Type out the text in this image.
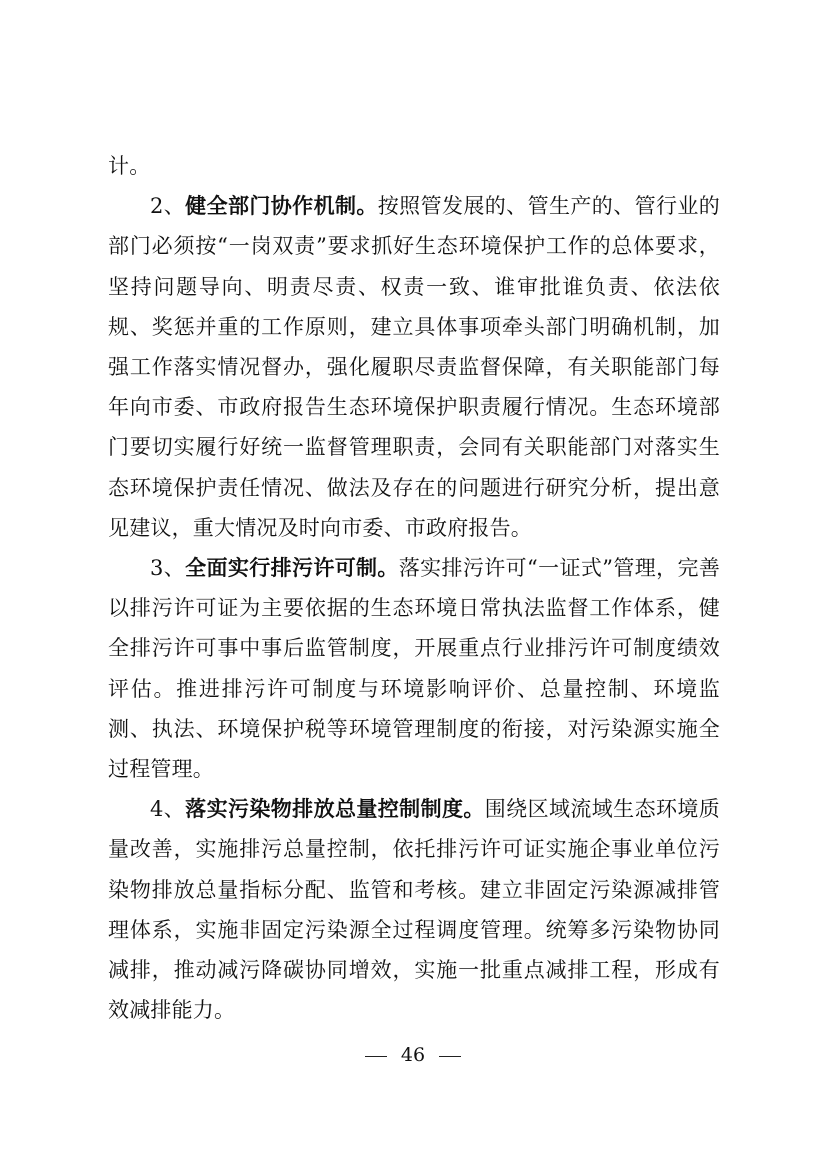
计。

2、健全部门协作机制。按照管发展的、管生产的、管行业的部门必须按“一岗双责”要求抓好生态环境保护工作的总体要求，坚持问题导向、明责尽责、权责一致、谁审批谁负责、依法依规、奖惩并重的工作原则，建立具体事项牵头部门明确机制，加强工作落实情况督办，强化履职尽责监督保障，有关职能部门每年向市委、市政府报告生态环境保护职责履行情况。生态环境部门要切实履行好统一监督管理职责，会同有关职能部门对落实生态环境保护责任情况、做法及存在的问题进行研究分析，提出意见建议，重大情况及时向市委、市政府报告。

3、全面实行排污许可制。落实排污许可“一证式”管理，完善以排污许可证为主要依据的生态环境日常执法监督工作体系，健全排污许可事中事后监管制度，开展重点行业排污许可制度绩效评估。推进排污许可制度与环境影响评价、总量控制、环境监测、执法、环境保护税等环境管理制度的衔接，对污染源实施全过程管理。

4、落实污染物排放总量控制制度。围绕区域流域生态环境质量改善，实施排污总量控制，依托排污许可证实施企事业单位污染物排放总量指标分配、监管和考核。建立非固定污染源减排管理体系，实施非固定污染源全过程调度管理。统筹多污染物协同减排，推动减污降碳协同增效，实施一批重点减排工程，形成有效减排能力。

46
